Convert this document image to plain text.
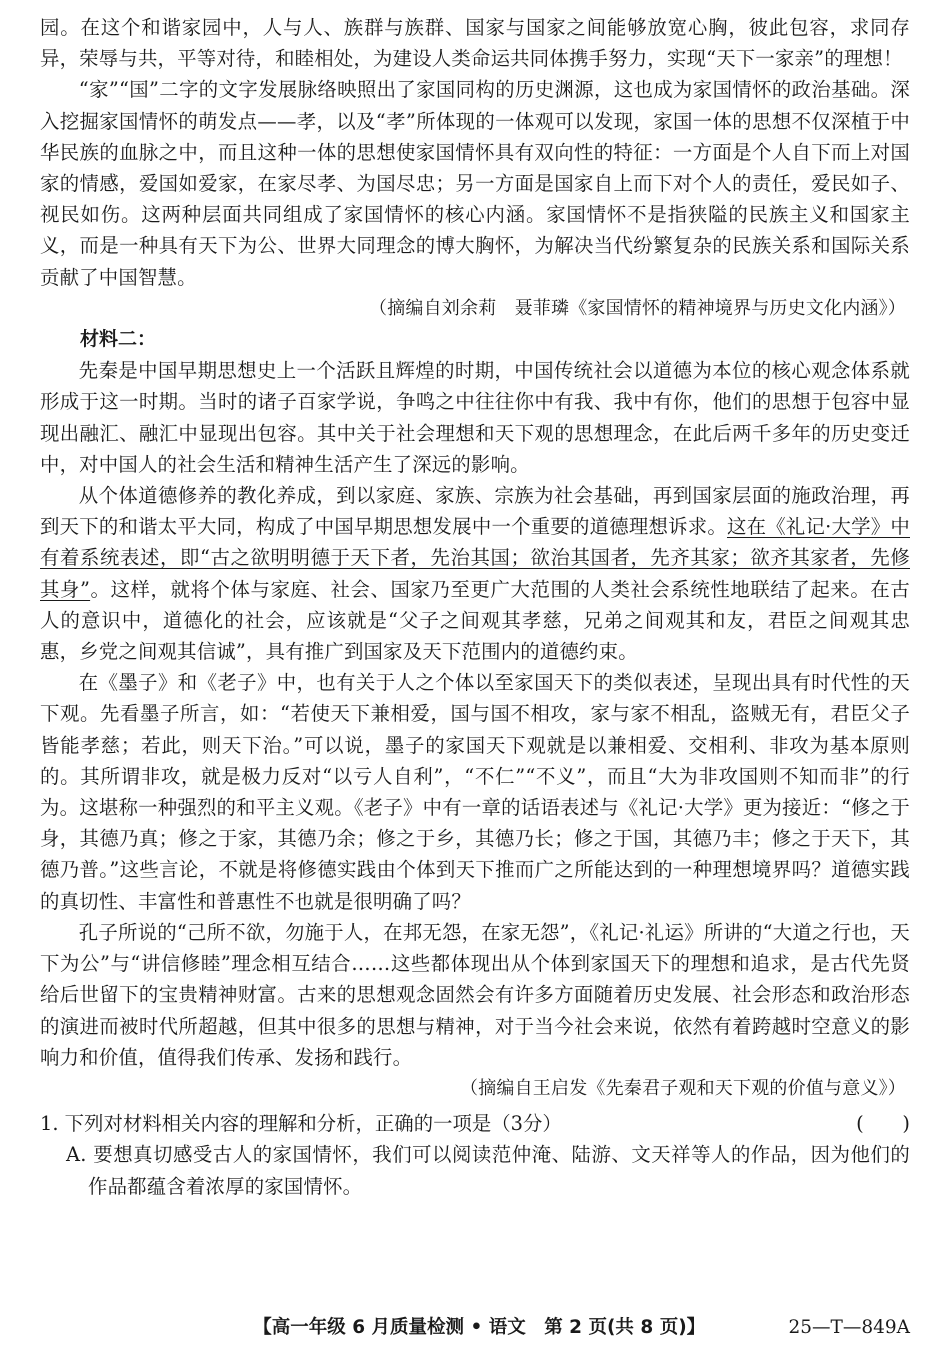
园。在这个和谐家园中，人与人、族群与族群、国家与国家之间能够放宽心胸，彼此包容，求同存异，荣辱与共，平等对待，和睦相处，为建设人类命运共同体携手努力，实现“天下一家亲”的理想！

“家”“国”二字的文字发展脉络映照出了家国同构的历史渊源，这也成为家国情怀的政治基础。深入挖掘家国情怀的萌发点——孝，以及“孝”所体现的一体观可以发现，家国一体的思想不仅深植于中华民族的血脉之中，而且这种一体的思想使家国情怀具有双向性的特征：一方面是个人自下而上对国家的情感，爱国如爱家，在家尽孝、为国尽忠；另一方面是国家自上而下对个人的责任，爱民如子、视民如伤。这两种层面共同组成了家国情怀的核心内涵。家国情怀不是指狭隘的民族主义和国家主义，而是一种具有天下为公、世界大同理念的博大胸怀，为解决当代纷繁复杂的民族关系和国际关系贡献了中国智慧。

（摘编自刘余莉　聂菲璘《家国情怀的精神境界与历史文化内涵》）

材料二：

先秦是中国早期思想史上一个活跃且辉煌的时期，中国传统社会以道德为本位的核心观念体系就形成于这一时期。当时的诸子百家学说，争鸣之中往往你中有我、我中有你，他们的思想于包容中显现出融汇、融汇中显现出包容。其中关于社会理想和天下观的思想理念，在此后两千多年的历史变迁中，对中国人的社会生活和精神生活产生了深远的影响。

从个体道德修养的教化养成，到以家庭、家族、宗族为社会基础，再到国家层面的施政治理，再到天下的和谐太平大同，构成了中国早期思想发展中一个重要的道德理想诉求。这在《礼记·大学》中有着系统表述，即“古之欲明明德于天下者，先治其国；欲治其国者，先齐其家；欲齐其家者，先修其身”。这样，就将个体与家庭、社会、国家乃至更广大范围的人类社会系统性地联结了起来。在古人的意识中，道德化的社会，应该就是“父子之间观其孝慈，兄弟之间观其和友，君臣之间观其忠惠，乡党之间观其信诚”，具有推广到国家及天下范围内的道德约束。

在《墨子》和《老子》中，也有关于人之个体以至家国天下的类似表述，呈现出具有时代性的天下观。先看墨子所言，如：“若使天下兼相爱，国与国不相攻，家与家不相乱，盗贼无有，君臣父子皆能孝慈；若此，则天下治。”可以说，墨子的家国天下观就是以兼相爱、交相利、非攻为基本原则的。其所谓非攻，就是极力反对“以亏人自利”，“不仁”“不义”，而且“大为非攻国则不知而非”的行为。这堪称一种强烈的和平主义观。《老子》中有一章的话语表述与《礼记·大学》更为接近：“修之于身，其德乃真；修之于家，其德乃余；修之于乡，其德乃长；修之于国，其德乃丰；修之于天下，其德乃普。”这些言论，不就是将修德实践由个体到天下推而广之所能达到的一种理想境界吗？道德实践的真切性、丰富性和普惠性不也就是很明确了吗？

孔子所说的“己所不欲，勿施于人，在邦无怨，在家无怨”，《礼记·礼运》所讲的“大道之行也，天下为公”与“讲信修睦”理念相互结合……这些都体现出从个体到家国天下的理想和追求，是古代先贤给后世留下的宝贵精神财富。古来的思想观念固然会有许多方面随着历史发展、社会形态和政治形态的演进而被时代所超越，但其中很多的思想与精神，对于当今社会来说，依然有着跨越时空意义的影响力和价值，值得我们传承、发扬和践行。

（摘编自王启发《先秦君子观和天下观的价值与意义》）

1. 下列对材料相关内容的理解和分析，正确的一项是（3分）	(　　)

A. 要想真切感受古人的家国情怀，我们可以阅读范仲淹、陆游、文天祥等人的作品，因为他们的作品都蕴含着浓厚的家国情怀。

【高一年级 6 月质量检测 • 语文　第 2 页(共 8 页)】	25—T—849A
